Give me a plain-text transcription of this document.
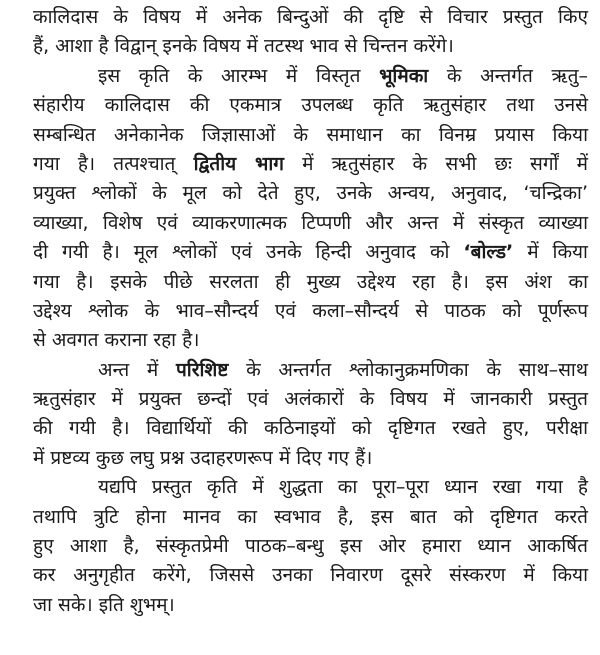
कालिदास के विषय में अनेक बिन्दुओं की दृष्टि से विचार प्रस्तुत किए
हैं, आशा है विद्वान् इनके विषय में तटस्थ भाव से चिन्तन करेंगे।
इस कृति के आरम्भ में विस्तृत भूमिका के अन्तर्गत ऋतु–
संहारीय कालिदास की एकमात्र उपलब्ध कृति ऋतुसंहार तथा उनसे
सम्बन्धित अनेकानेक जिज्ञासाओं के समाधान का विनम्र प्रयास किया
गया है। तत्पश्चात् द्वितीय भाग में ऋतुसंहार के सभी छः सर्गों में
प्रयुक्त श्लोकों के मूल को देते हुए, उनके अन्वय, अनुवाद, ‘चन्द्रिका’
व्याख्या, विशेष एवं व्याकरणात्मक टिप्पणी और अन्त में संस्कृत व्याख्या
दी गयी है। मूल श्लोकों एवं उनके हिन्दी अनुवाद को ‘बोल्ड’ में किया
गया है। इसके पीछे सरलता ही मुख्य उद्देश्य रहा है। इस अंश का
उद्देश्य श्लोक के भाव–सौन्दर्य एवं कला–सौन्दर्य से पाठक को पूर्णरूप
से अवगत कराना रहा है।
अन्त में परिशिष्ट के अन्तर्गत श्लोकानुक्रमणिका के साथ–साथ
ऋतुसंहार में प्रयुक्त छन्दों एवं अलंकारों के विषय में जानकारी प्रस्तुत
की गयी है। विद्यार्थियों की कठिनाइयों को दृष्टिगत रखते हुए, परीक्षा
में प्रष्टव्य कुछ लघु प्रश्न उदाहरणरूप में दिए गए हैं।
यद्यपि प्रस्तुत कृति में शुद्धता का पूरा–पूरा ध्यान रखा गया है
तथापि त्रुटि होना मानव का स्वभाव है, इस बात को दृष्टिगत करते
हुए आशा है, संस्कृतप्रेमी पाठक–बन्धु इस ओर हमारा ध्यान आकर्षित
कर अनुगृहीत करेंगे, जिससे उनका निवारण दूसरे संस्करण में किया
जा सके। इति शुभम्।
